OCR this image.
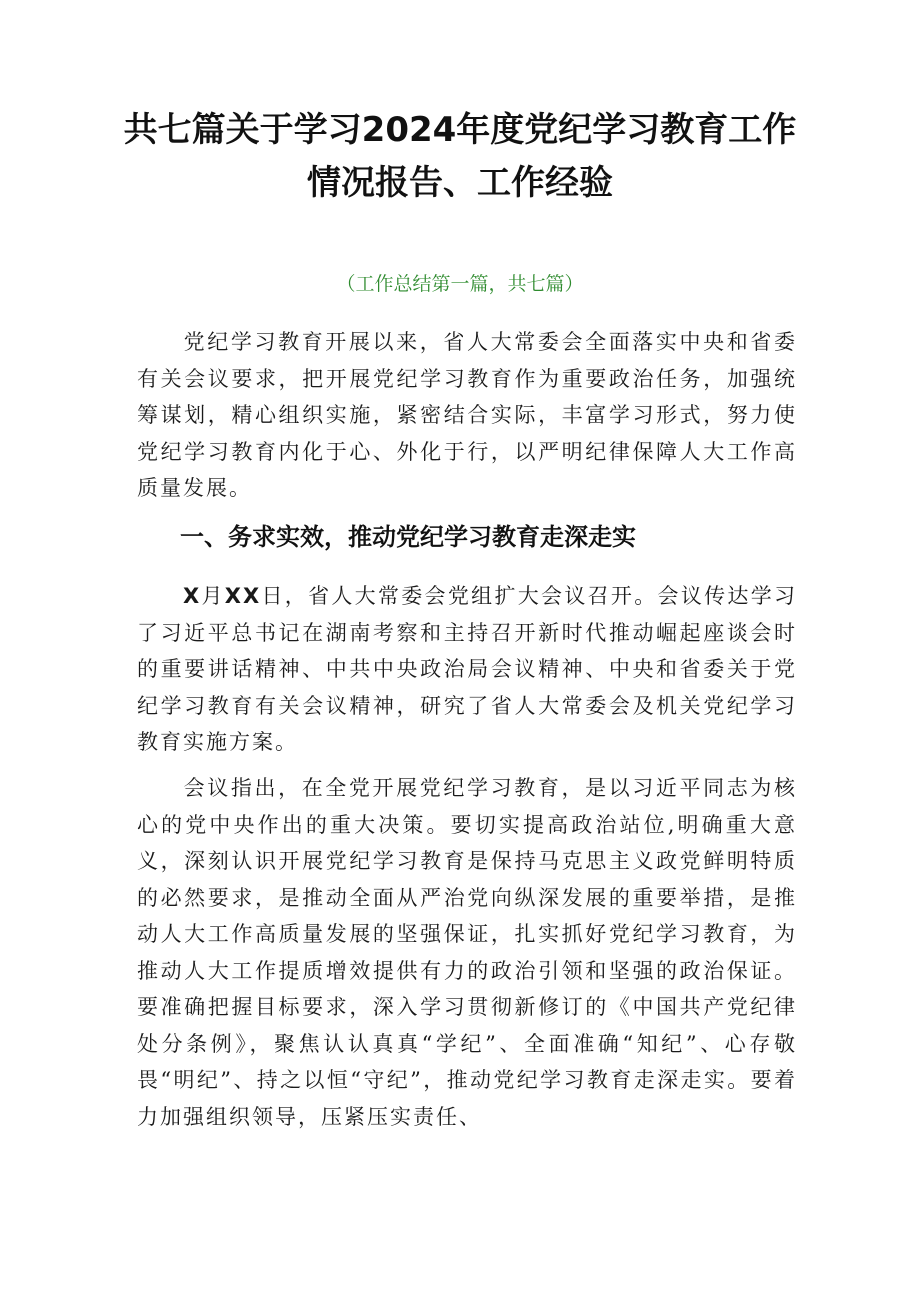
共七篇关于学习2024年度党纪学习教育工作情况报告、工作经验

（工作总结第一篇，共七篇）

党纪学习教育开展以来，省人大常委会全面落实中央和省委有关会议要求，把开展党纪学习教育作为重要政治任务，加强统筹谋划，精心组织实施，紧密结合实际，丰富学习形式，努力使党纪学习教育内化于心、外化于行，以严明纪律保障人大工作高质量发展。

一、务求实效，推动党纪学习教育走深走实

X月XX日，省人大常委会党组扩大会议召开。会议传达学习了习近平总书记在湖南考察和主持召开新时代推动崛起座谈会时的重要讲话精神、中共中央政治局会议精神、中央和省委关于党纪学习教育有关会议精神，研究了省人大常委会及机关党纪学习教育实施方案。

会议指出，在全党开展党纪学习教育，是以习近平同志为核心的党中央作出的重大决策。要切实提高政治站位,明确重大意义，深刻认识开展党纪学习教育是保持马克思主义政党鲜明特质的必然要求，是推动全面从严治党向纵深发展的重要举措，是推动人大工作高质量发展的坚强保证，扎实抓好党纪学习教育，为推动人大工作提质增效提供有力的政治引领和坚强的政治保证。要准确把握目标要求，深入学习贯彻新修订的《中国共产党纪律处分条例》，聚焦认认真真“学纪”、全面准确“知纪”、心存敬畏“明纪”、持之以恒“守纪”，推动党纪学习教育走深走实。要着力加强组织领导，压紧压实责任、
